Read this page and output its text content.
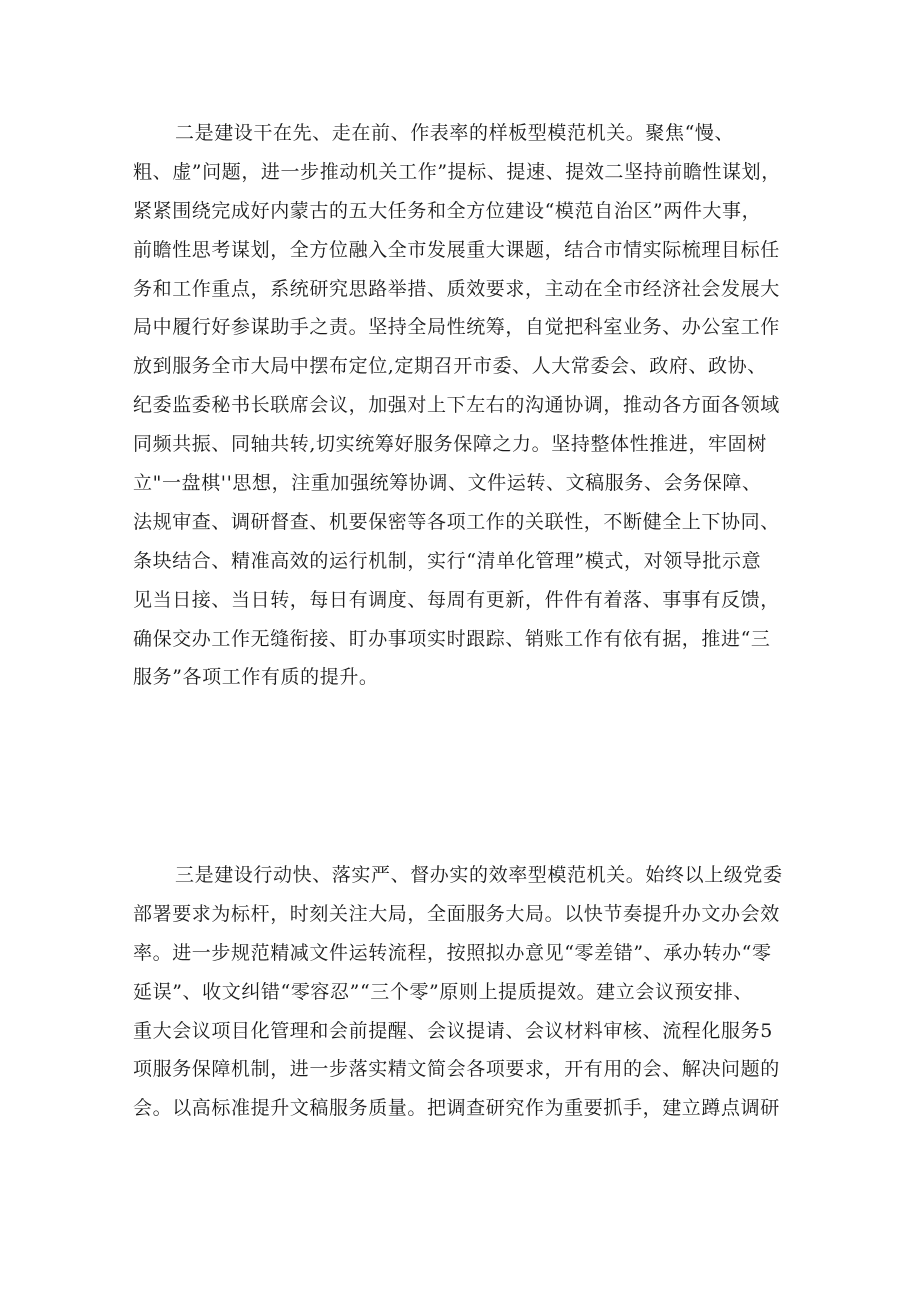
二是建设干在先、走在前、作表率的样板型模范机关。聚焦“慢、
粗、虚”问题，进一步推动机关工作”提标、提速、提效二坚持前瞻性谋划，
紧紧围绕完成好内蒙古的五大任务和全方位建设“模范自治区”两件大事，
前瞻性思考谋划，全方位融入全市发展重大课题，结合市情实际梳理目标任
务和工作重点，系统研究思路举措、质效要求，主动在全市经济社会发展大
局中履行好参谋助手之责。坚持全局性统筹，自觉把科室业务、办公室工作
放到服务全市大局中摆布定位,定期召开市委、人大常委会、政府、政协、
纪委监委秘书长联席会议，加强对上下左右的沟通协调，推动各方面各领域
同频共振、同轴共转,切实统筹好服务保障之力。坚持整体性推进，牢固树
立"一盘棋''思想，注重加强统筹协调、文件运转、文稿服务、会务保障、
法规审查、调研督查、机要保密等各项工作的关联性，不断健全上下协同、
条块结合、精准高效的运行机制，实行“清单化管理”模式，对领导批示意
见当日接、当日转，每日有调度、每周有更新，件件有着落、事事有反馈，
确保交办工作无缝衔接、盯办事项实时跟踪、销账工作有依有据，推进“三
服务”各项工作有质的提升。
三是建设行动快、落实严、督办实的效率型模范机关。始终以上级党委
部署要求为标杆，时刻关注大局，全面服务大局。以快节奏提升办文办会效
率。进一步规范精减文件运转流程，按照拟办意见“零差错”、承办转办“零
延误”、收文纠错“零容忍”“三个零”原则上提质提效。建立会议预安排、
重大会议项目化管理和会前提醒、会议提请、会议材料审核、流程化服务5
项服务保障机制，进一步落实精文简会各项要求，开有用的会、解决问题的
会。以高标准提升文稿服务质量。把调查研究作为重要抓手，建立蹲点调研
